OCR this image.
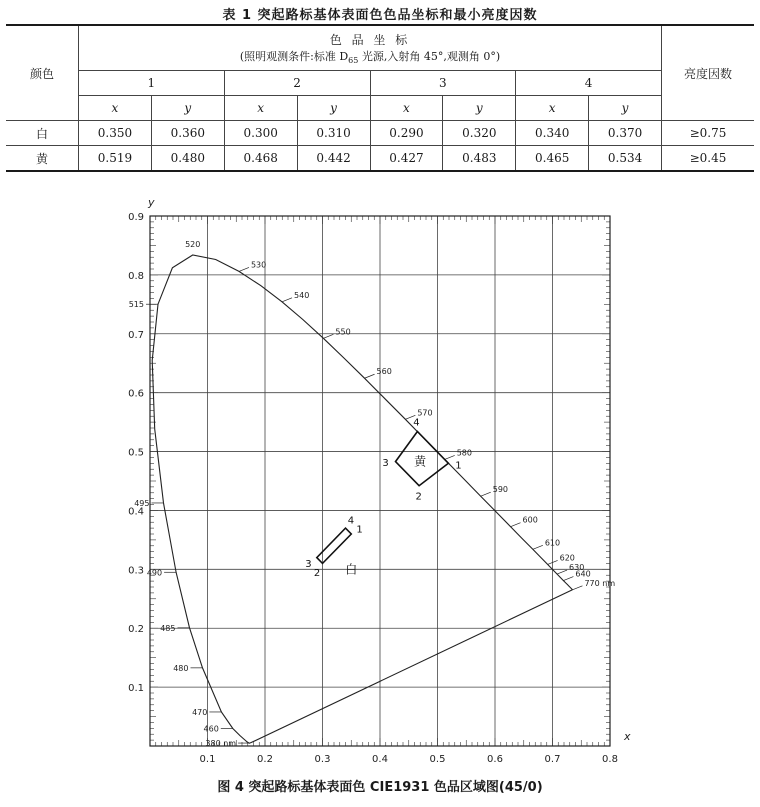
表 1 突起路标基体表面色色品坐标和最小亮度因数
颜色	色 品 坐 标
(照明观测条件:标准 $D_{65}$ 光源,入射角 45°,观测角 0°)								亮度因数
	1		2		3		4		
	x	y	x	y	x	y	x	y	
白	0.350	0.360	0.300	0.310	0.290	0.320	0.340	0.370	≥0.75
黄	0.519	0.480	0.468	0.442	0.427	0.483	0.465	0.534	≥0.45
0.1	0.2	0.3	0.4	0.5	0.6	0.7	0.8
0.1
0.2
0.3
0.4
0.5
0.6
0.7
0.8
0.9
x
y
380 nm
460
470
480
485
490
495
515
520
530
540
550
560
570
580
590
600
610
620
630
640
770 nm
1
2
3
4
白
1
2
3
4
黄
图 4 突起路标基体表面色 CIE1931 色品区域图(45/0)
